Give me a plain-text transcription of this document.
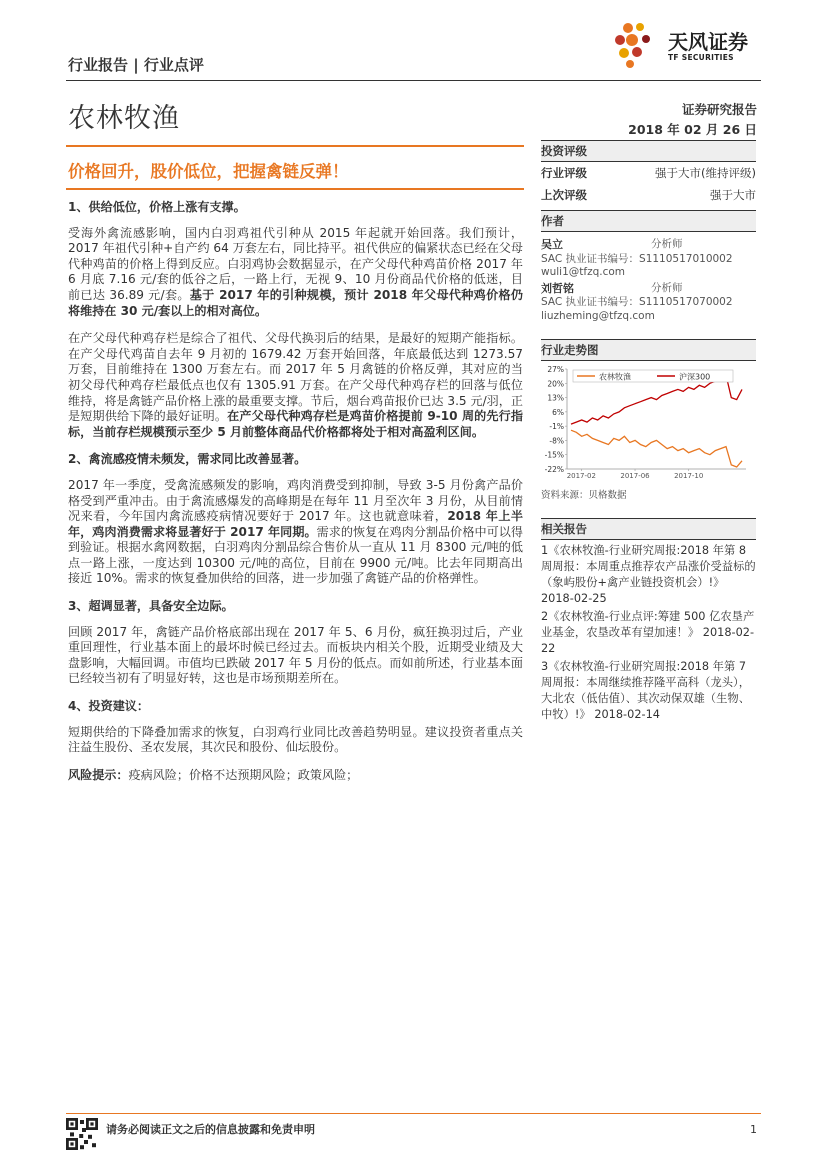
行业报告 | 行业点评
天风证券
TF SECURITIES
农林牧渔	证券研究报告
2018 年 02 月 26 日
价格回升，股价低位，把握禽链反弹！
1、供给低位，价格上涨有支撑。

受海外禽流感影响，国内白羽鸡祖代引种从 2015 年起就开始回落。我们预计，2017 年祖代引种+自产约 64 万套左右，同比持平。祖代供应的偏紧状态已经在父母代种鸡苗的价格上得到反应。白羽鸡协会数据显示，在产父母代种鸡苗价格 2017 年 6 月底 7.16 元/套的低谷之后，一路上行，无视 9、10 月份商品代价格的低迷，目前已达 36.89 元/套。基于 2017 年的引种规模，预计 2018 年父母代种鸡价格仍将维持在 30 元/套以上的相对高位。

在产父母代种鸡存栏是综合了祖代、父母代换羽后的结果，是最好的短期产能指标。在产父母代鸡苗自去年 9 月初的 1679.42 万套开始回落，年底最低达到 1273.57 万套，目前维持在 1300 万套左右。而 2017 年 5 月禽链的价格反弹，其对应的当初父母代种鸡存栏最低点也仅有 1305.91 万套。在产父母代种鸡存栏的回落与低位维持，将是禽链产品价格上涨的最重要支撑。节后，烟台鸡苗报价已达 3.5 元/羽，正是短期供给下降的最好证明。在产父母代种鸡存栏是鸡苗价格提前 9-10 周的先行指标，当前存栏规模预示至少 5 月前整体商品代价格都将处于相对高盈利区间。

2、禽流感疫情未频发，需求同比改善显著。

2017 年一季度，受禽流感频发的影响，鸡肉消费受到抑制，导致 3-5 月份禽产品价格受到严重冲击。由于禽流感爆发的高峰期是在每年 11 月至次年 3 月份，从目前情况来看，今年国内禽流感疫病情况要好于 2017 年。这也就意味着，2018 年上半年，鸡肉消费需求将显著好于 2017 年同期。需求的恢复在鸡肉分割品价格中可以得到验证。根据水禽网数据，白羽鸡肉分割品综合售价从一直从 11 月 8300 元/吨的低点一路上涨，一度达到 10300 元/吨的高位，目前在 9900 元/吨。比去年同期高出接近 10%。需求的恢复叠加供给的回落，进一步加强了禽链产品的价格弹性。

3、超调显著，具备安全边际。

回顾 2017 年，禽链产品价格底部出现在 2017 年 5、6 月份，疯狂换羽过后，产业重回理性，行业基本面上的最坏时候已经过去。而板块内相关个股，近期受业绩及大盘影响，大幅回调。市值均已跌破 2017 年 5 月份的低点。而如前所述，行业基本面已经较当初有了明显好转，这也是市场预期差所在。

4、投资建议：

短期供给的下降叠加需求的恢复，白羽鸡行业同比改善趋势明显。建议投资者重点关注益生股份、圣农发展，其次民和股份、仙坛股份。

风险提示：疫病风险；价格不达预期风险；政策风险；

投资评级
行业评级	强于大市(维持评级)
上次评级	强于大市
作者
吴立	分析师
SAC 执业证书编号：S1110517010002
wuli1@tfzq.com
刘哲铭	分析师
SAC 执业证书编号：S1110517070002
liuzheming@tfzq.com
行业走势图
27%
20%
13%
6%
-1%
-8%
-15%
-22%
2017-02	2017-06	2017-10
农林牧渔	沪深300
资料来源：贝格数据
相关报告
1《农林牧渔-行业研究周报:2018 年第 8 周周报：本周重点推荐农产品涨价受益标的（象屿股份+禽产业链投资机会）!》 2018-02-25
2《农林牧渔-行业点评:筹建 500 亿农垦产业基金，农垦改革有望加速！》 2018-02-22
3《农林牧渔-行业研究周报:2018 年第 7 周周报：本周继续推荐隆平高科（龙头），大北农（低估值）、其次动保双雄（生物、中牧）!》 2018-02-14
请务必阅读正文之后的信息披露和免责申明	1
